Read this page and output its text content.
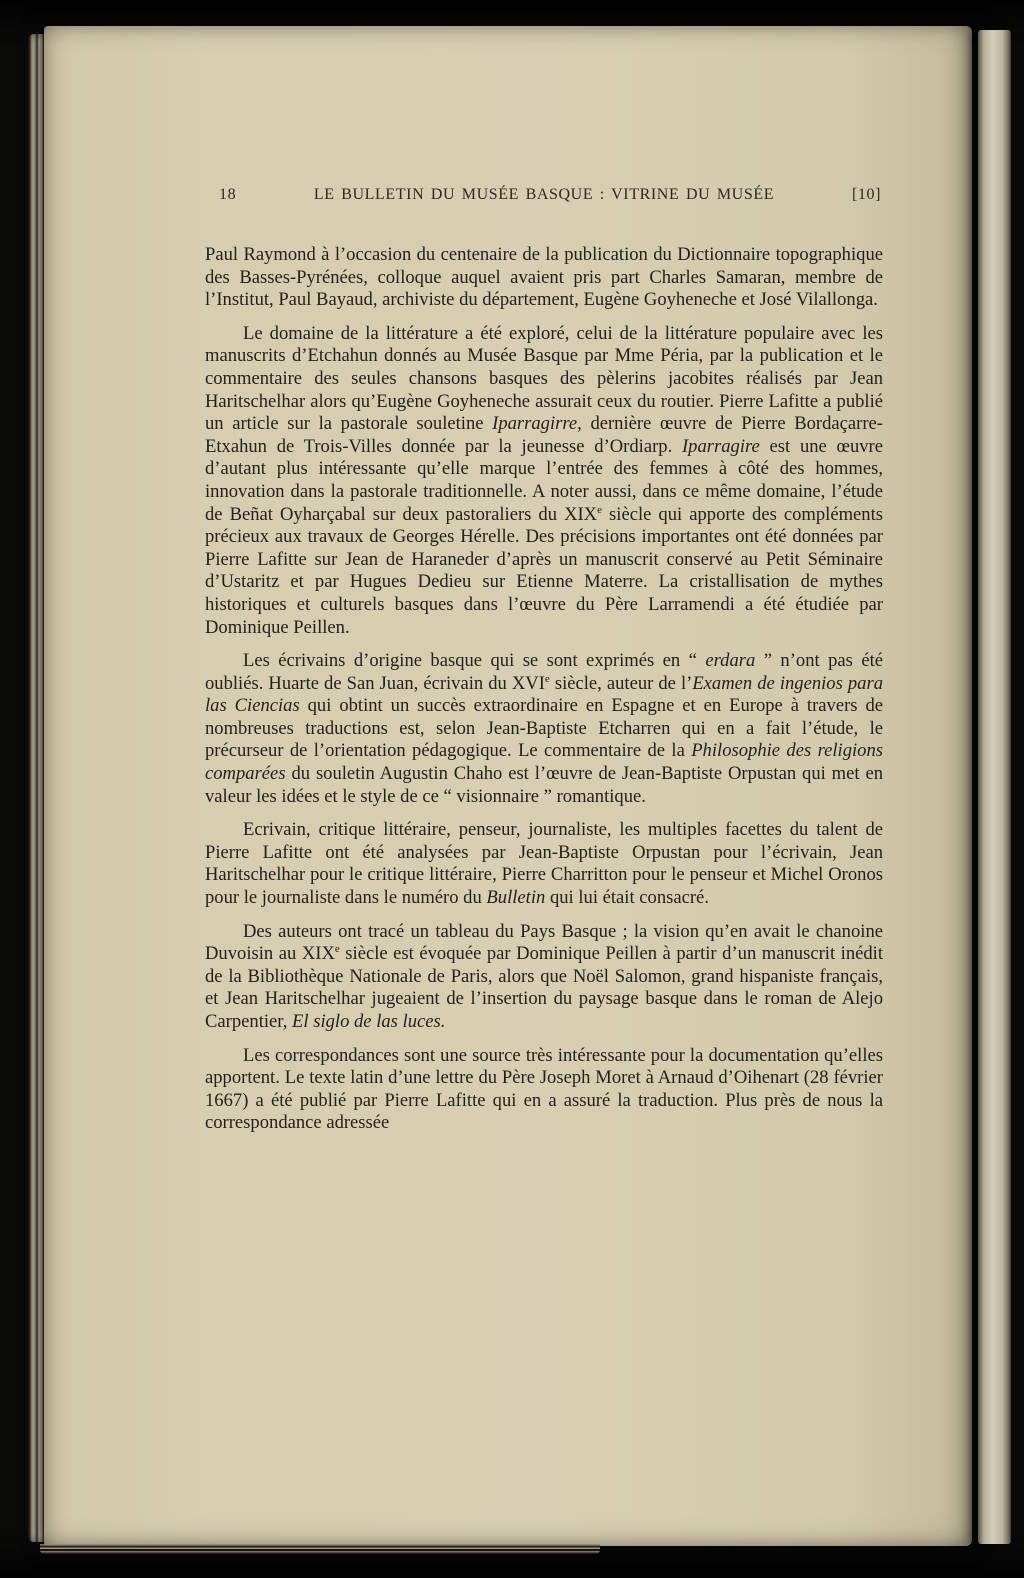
18	LE BULLETIN DU MUSÉE BASQUE : VITRINE DU MUSÉE	[10]

Paul Raymond à l’occasion du centenaire de la publication du Dictionnaire topographique des Basses-Pyrénées, colloque auquel avaient pris part Charles Samaran, membre de l’Institut, Paul Bayaud, archiviste du département, Eugène Goyheneche et José Vilallonga.

Le domaine de la littérature a été exploré, celui de la littérature populaire avec les manuscrits d’Etchahun donnés au Musée Basque par Mme Péria, par la publication et le commentaire des seules chansons basques des pèlerins jacobites réalisés par Jean Haritschelhar alors qu’Eugène Goyheneche assurait ceux du routier. Pierre Lafitte a publié un article sur la pastorale souletine Iparragirre, dernière œuvre de Pierre Bordaçarre-Etxahun de Trois-Villes donnée par la jeunesse d’Ordiarp. Iparragire est une œuvre d’autant plus intéressante qu’elle marque l’entrée des femmes à côté des hommes, innovation dans la pastorale traditionnelle. A noter aussi, dans ce même domaine, l’étude de Beñat Oyharçabal sur deux pastoraliers du XIXe siècle qui apporte des compléments précieux aux travaux de Georges Hérelle. Des précisions importantes ont été données par Pierre Lafitte sur Jean de Haraneder d’après un manuscrit conservé au Petit Séminaire d’Ustaritz et par Hugues Dedieu sur Etienne Materre. La cristallisation de mythes historiques et culturels basques dans l’œuvre du Père Larramendi a été étudiée par Dominique Peillen.

Les écrivains d’origine basque qui se sont exprimés en “ erdara ” n’ont pas été oubliés. Huarte de San Juan, écrivain du XVIe siècle, auteur de l’Examen de ingenios para las Ciencias qui obtint un succès extraordinaire en Espagne et en Europe à travers de nombreuses traductions est, selon Jean-Baptiste Etcharren qui en a fait l’étude, le précurseur de l’orientation pédagogique. Le commentaire de la Philosophie des religions comparées du souletin Augustin Chaho est l’œuvre de Jean-Baptiste Orpustan qui met en valeur les idées et le style de ce “ visionnaire ” romantique.

Ecrivain, critique littéraire, penseur, journaliste, les multiples facettes du talent de Pierre Lafitte ont été analysées par Jean-Baptiste Orpustan pour l’écrivain, Jean Haritschelhar pour le critique littéraire, Pierre Charritton pour le penseur et Michel Oronos pour le journaliste dans le numéro du Bulletin qui lui était consacré.

Des auteurs ont tracé un tableau du Pays Basque ; la vision qu’en avait le chanoine Duvoisin au XIXe siècle est évoquée par Dominique Peillen à partir d’un manuscrit inédit de la Bibliothèque Nationale de Paris, alors que Noël Salomon, grand hispaniste français, et Jean Haritschelhar jugeaient de l’insertion du paysage basque dans le roman de Alejo Carpentier, El siglo de las luces.

Les correspondances sont une source très intéressante pour la documentation qu’elles apportent. Le texte latin d’une lettre du Père Joseph Moret à Arnaud d’Oihenart (28 février 1667) a été publié par Pierre Lafitte qui en a assuré la traduction. Plus près de nous la correspondance adressée
